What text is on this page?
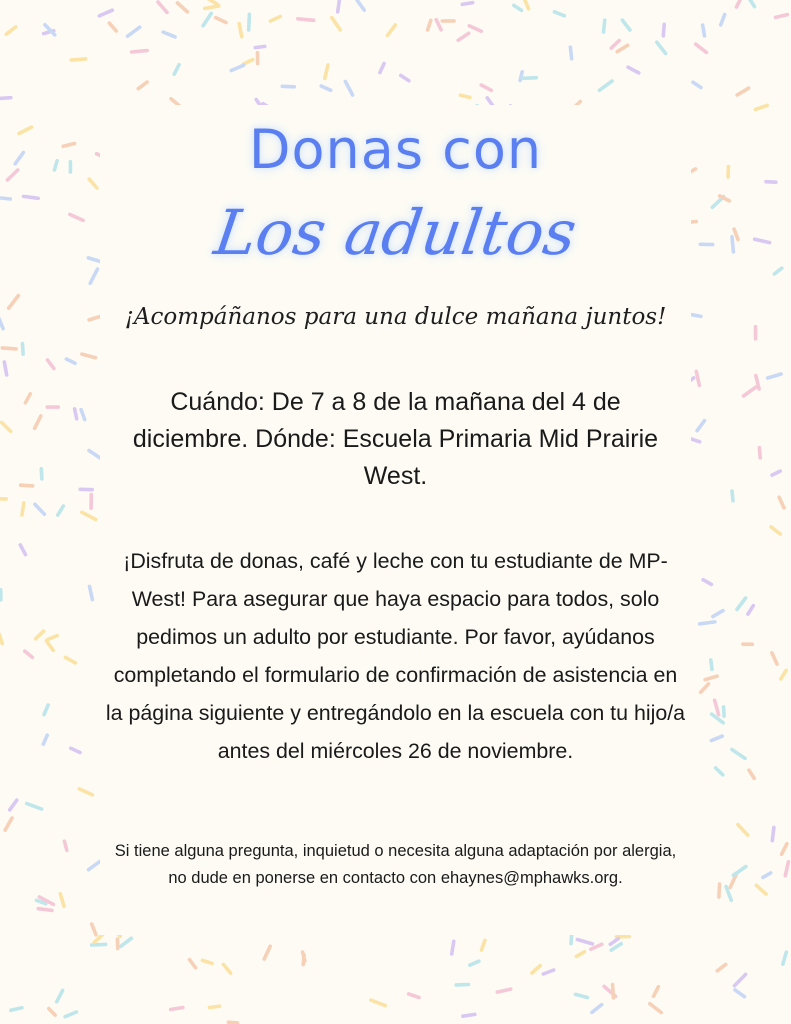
Donas con
Los adultos
¡Acompáñanos para una dulce mañana juntos!
Cuándo: De 7 a 8 de la mañana del 4 de diciembre. Dónde: Escuela Primaria Mid Prairie West.
¡Disfruta de donas, café y leche con tu estudiante de MP-West! Para asegurar que haya espacio para todos, solo pedimos un adulto por estudiante. Por favor, ayúdanos completando el formulario de confirmación de asistencia en la página siguiente y entregándolo en la escuela con tu hijo/a antes del miércoles 26 de noviembre.
Si tiene alguna pregunta, inquietud o necesita alguna adaptación por alergia, no dude en ponerse en contacto con ehaynes@mphawks.org.
